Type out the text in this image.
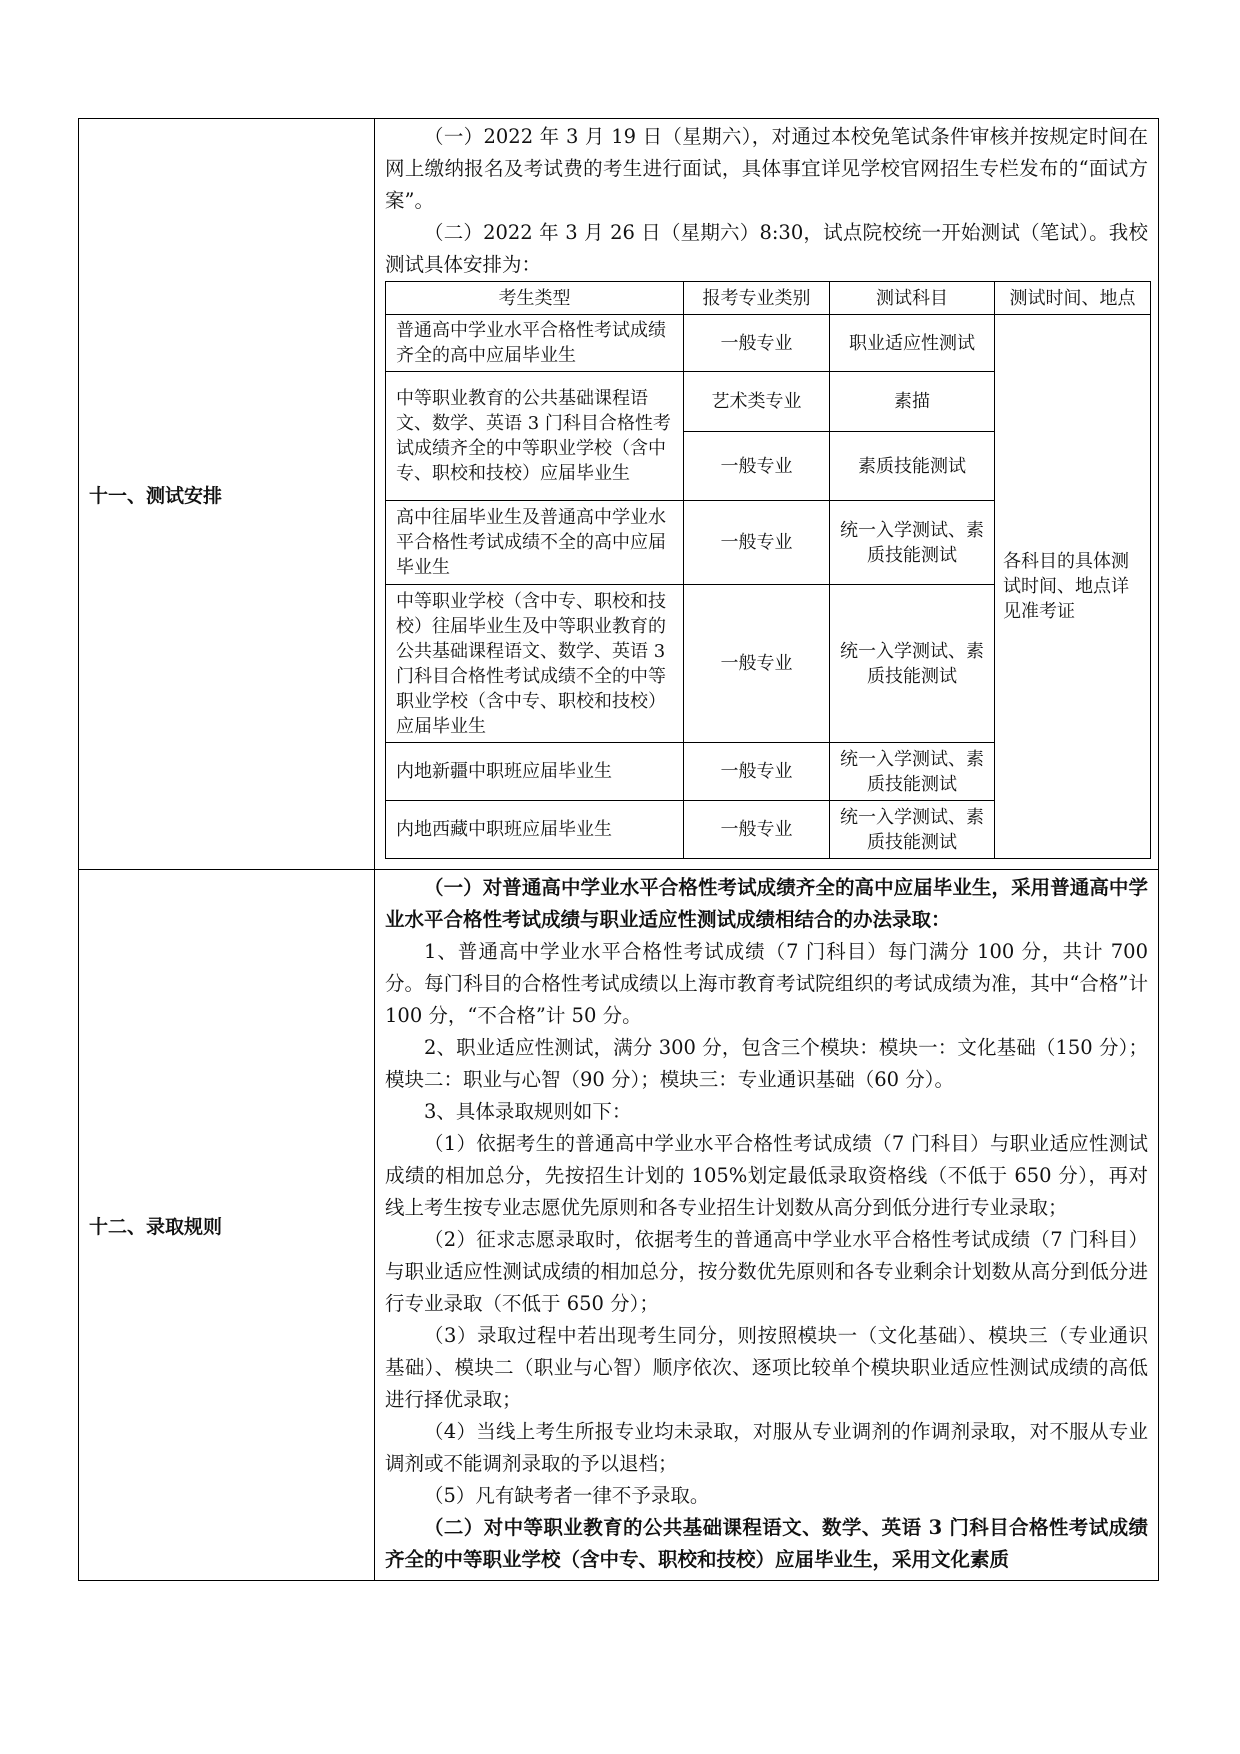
十一、测试安排	

（一）2022 年 3 月 19 日（星期六），对通过本校免笔试条件审核并按规定时间在网上缴纳报名及考试费的考生进行面试，具体事宜详见学校官网招生专栏发布的“面试方案”。

（二）2022 年 3 月 26 日（星期六）8:30，试点院校统一开始测试（笔试）。我校测试具体安排为：

考生类型	报考专业类别	测试科目	测试时间、地点
普通高中学业水平合格性考试成绩齐全的高中应届毕业生	一般专业	职业适应性测试	各科目的具体测试时间、地点详见准考证
中等职业教育的公共基础课程语文、数学、英语 3 门科目合格性考试成绩齐全的中等职业学校（含中专、职校和技校）应届毕业生	艺术类专业	素描
一般专业	素质技能测试
高中往届毕业生及普通高中学业水平合格性考试成绩不全的高中应届毕业生	一般专业	统一入学测试、素质技能测试
中等职业学校（含中专、职校和技校）往届毕业生及中等职业教育的公共基础课程语文、数学、英语 3 门科目合格性考试成绩不全的中等职业学校（含中专、职校和技校）应届毕业生	一般专业	统一入学测试、素质技能测试
内地新疆中职班应届毕业生	一般专业	统一入学测试、素质技能测试
内地西藏中职班应届毕业生	一般专业	统一入学测试、素质技能测试

十二、录取规则	

（一）对普通高中学业水平合格性考试成绩齐全的高中应届毕业生，采用普通高中学业水平合格性考试成绩与职业适应性测试成绩相结合的办法录取：

1、普通高中学业水平合格性考试成绩（7 门科目）每门满分 100 分，共计 700 分。每门科目的合格性考试成绩以上海市教育考试院组织的考试成绩为准，其中“合格”计 100 分，“不合格”计 50 分。

2、职业适应性测试，满分 300 分，包含三个模块：模块一：文化基础（150 分）；模块二：职业与心智（90 分）；模块三：专业通识基础（60 分）。

3、具体录取规则如下：

（1）依据考生的普通高中学业水平合格性考试成绩（7 门科目）与职业适应性测试成绩的相加总分，先按招生计划的 105%划定最低录取资格线（不低于 650 分），再对线上考生按专业志愿优先原则和各专业招生计划数从高分到低分进行专业录取；

（2）征求志愿录取时，依据考生的普通高中学业水平合格性考试成绩（7 门科目）与职业适应性测试成绩的相加总分，按分数优先原则和各专业剩余计划数从高分到低分进行专业录取（不低于 650 分）；

（3）录取过程中若出现考生同分，则按照模块一（文化基础）、模块三（专业通识基础）、模块二（职业与心智）顺序依次、逐项比较单个模块职业适应性测试成绩的高低进行择优录取；

（4）当线上考生所报专业均未录取，对服从专业调剂的作调剂录取，对不服从专业调剂或不能调剂录取的予以退档；

（5）凡有缺考者一律不予录取。

（二）对中等职业教育的公共基础课程语文、数学、英语 3 门科目合格性考试成绩齐全的中等职业学校（含中专、职校和技校）应届毕业生，采用文化素质
